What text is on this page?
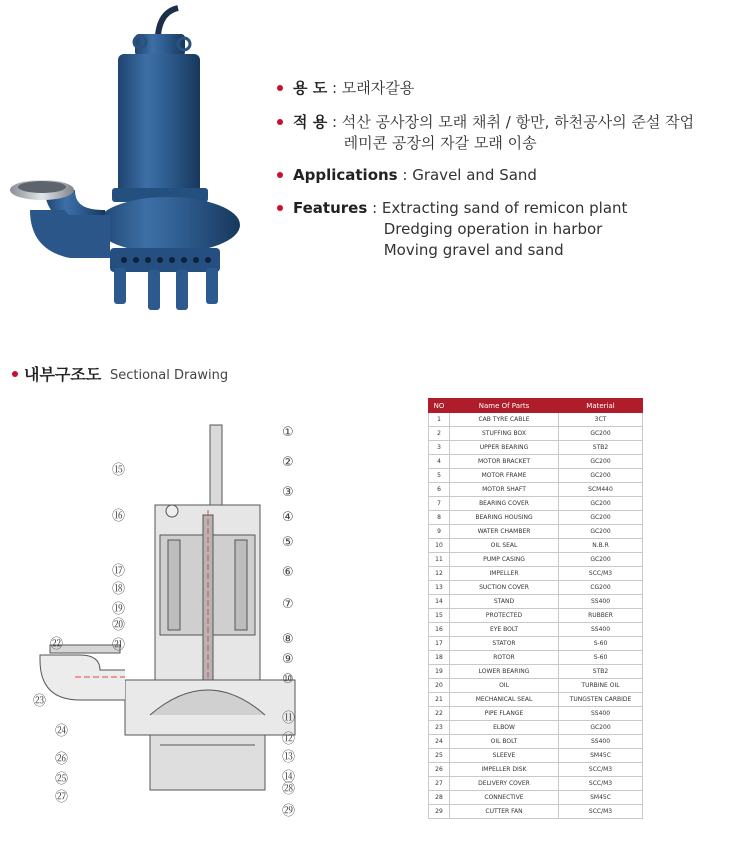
용 도 : 모래자갈용
적 용 : 석산 공사장의 모래 채취 / 항만, 하천공사의 준설 작업
레미콘 공장의 자갈 모래 이송
Applications : Gravel and Sand
Features : Extracting sand of remicon plant
Dredging operation in harbor
Moving gravel and sand
내부구조도 Sectional Drawing
①
②
③
④
⑤
⑥
⑦
⑧
⑨
⑩
⑪
⑫
⑬
⑭
⑮
⑯
⑰
⑱
⑲
⑳
㉑
㉒
㉓
㉔
㉕
㉖
㉗
㉘
㉙
NO	Name Of Parts	Material
1	CAB TYRE CABLE	3CT
2	STUFFING BOX	GC200
3	UPPER BEARING	STB2
4	MOTOR BRACKET	GC200
5	MOTOR FRAME	GC200
6	MOTOR SHAFT	SCM440
7	BEARING COVER	GC200
8	BEARING HOUSING	GC200
9	WATER CHAMBER	GC200
10	OIL SEAL	N.B.R
11	PUMP CASING	GC200
12	IMPELLER	SCC/M3
13	SUCTION COVER	CG200
14	STAND	SS400
15	PROTECTED	RUBBER
16	EYE BOLT	SS400
17	STATOR	S-60
18	ROTOR	S-60
19	LOWER BEARING	STB2
20	OIL	TURBINE OIL
21	MECHANICAL SEAL	TUNGSTEN CARBIDE
22	PIPE FLANGE	SS400
23	ELBOW	GC200
24	OIL BOLT	SS400
25	SLEEVE	SM45C
26	IMPELLER DISK	SCC/M3
27	DELIVERY COVER	SCC/M3
28	CONNECTIVE	SM45C
29	CUTTER FAN	SCC/M3
